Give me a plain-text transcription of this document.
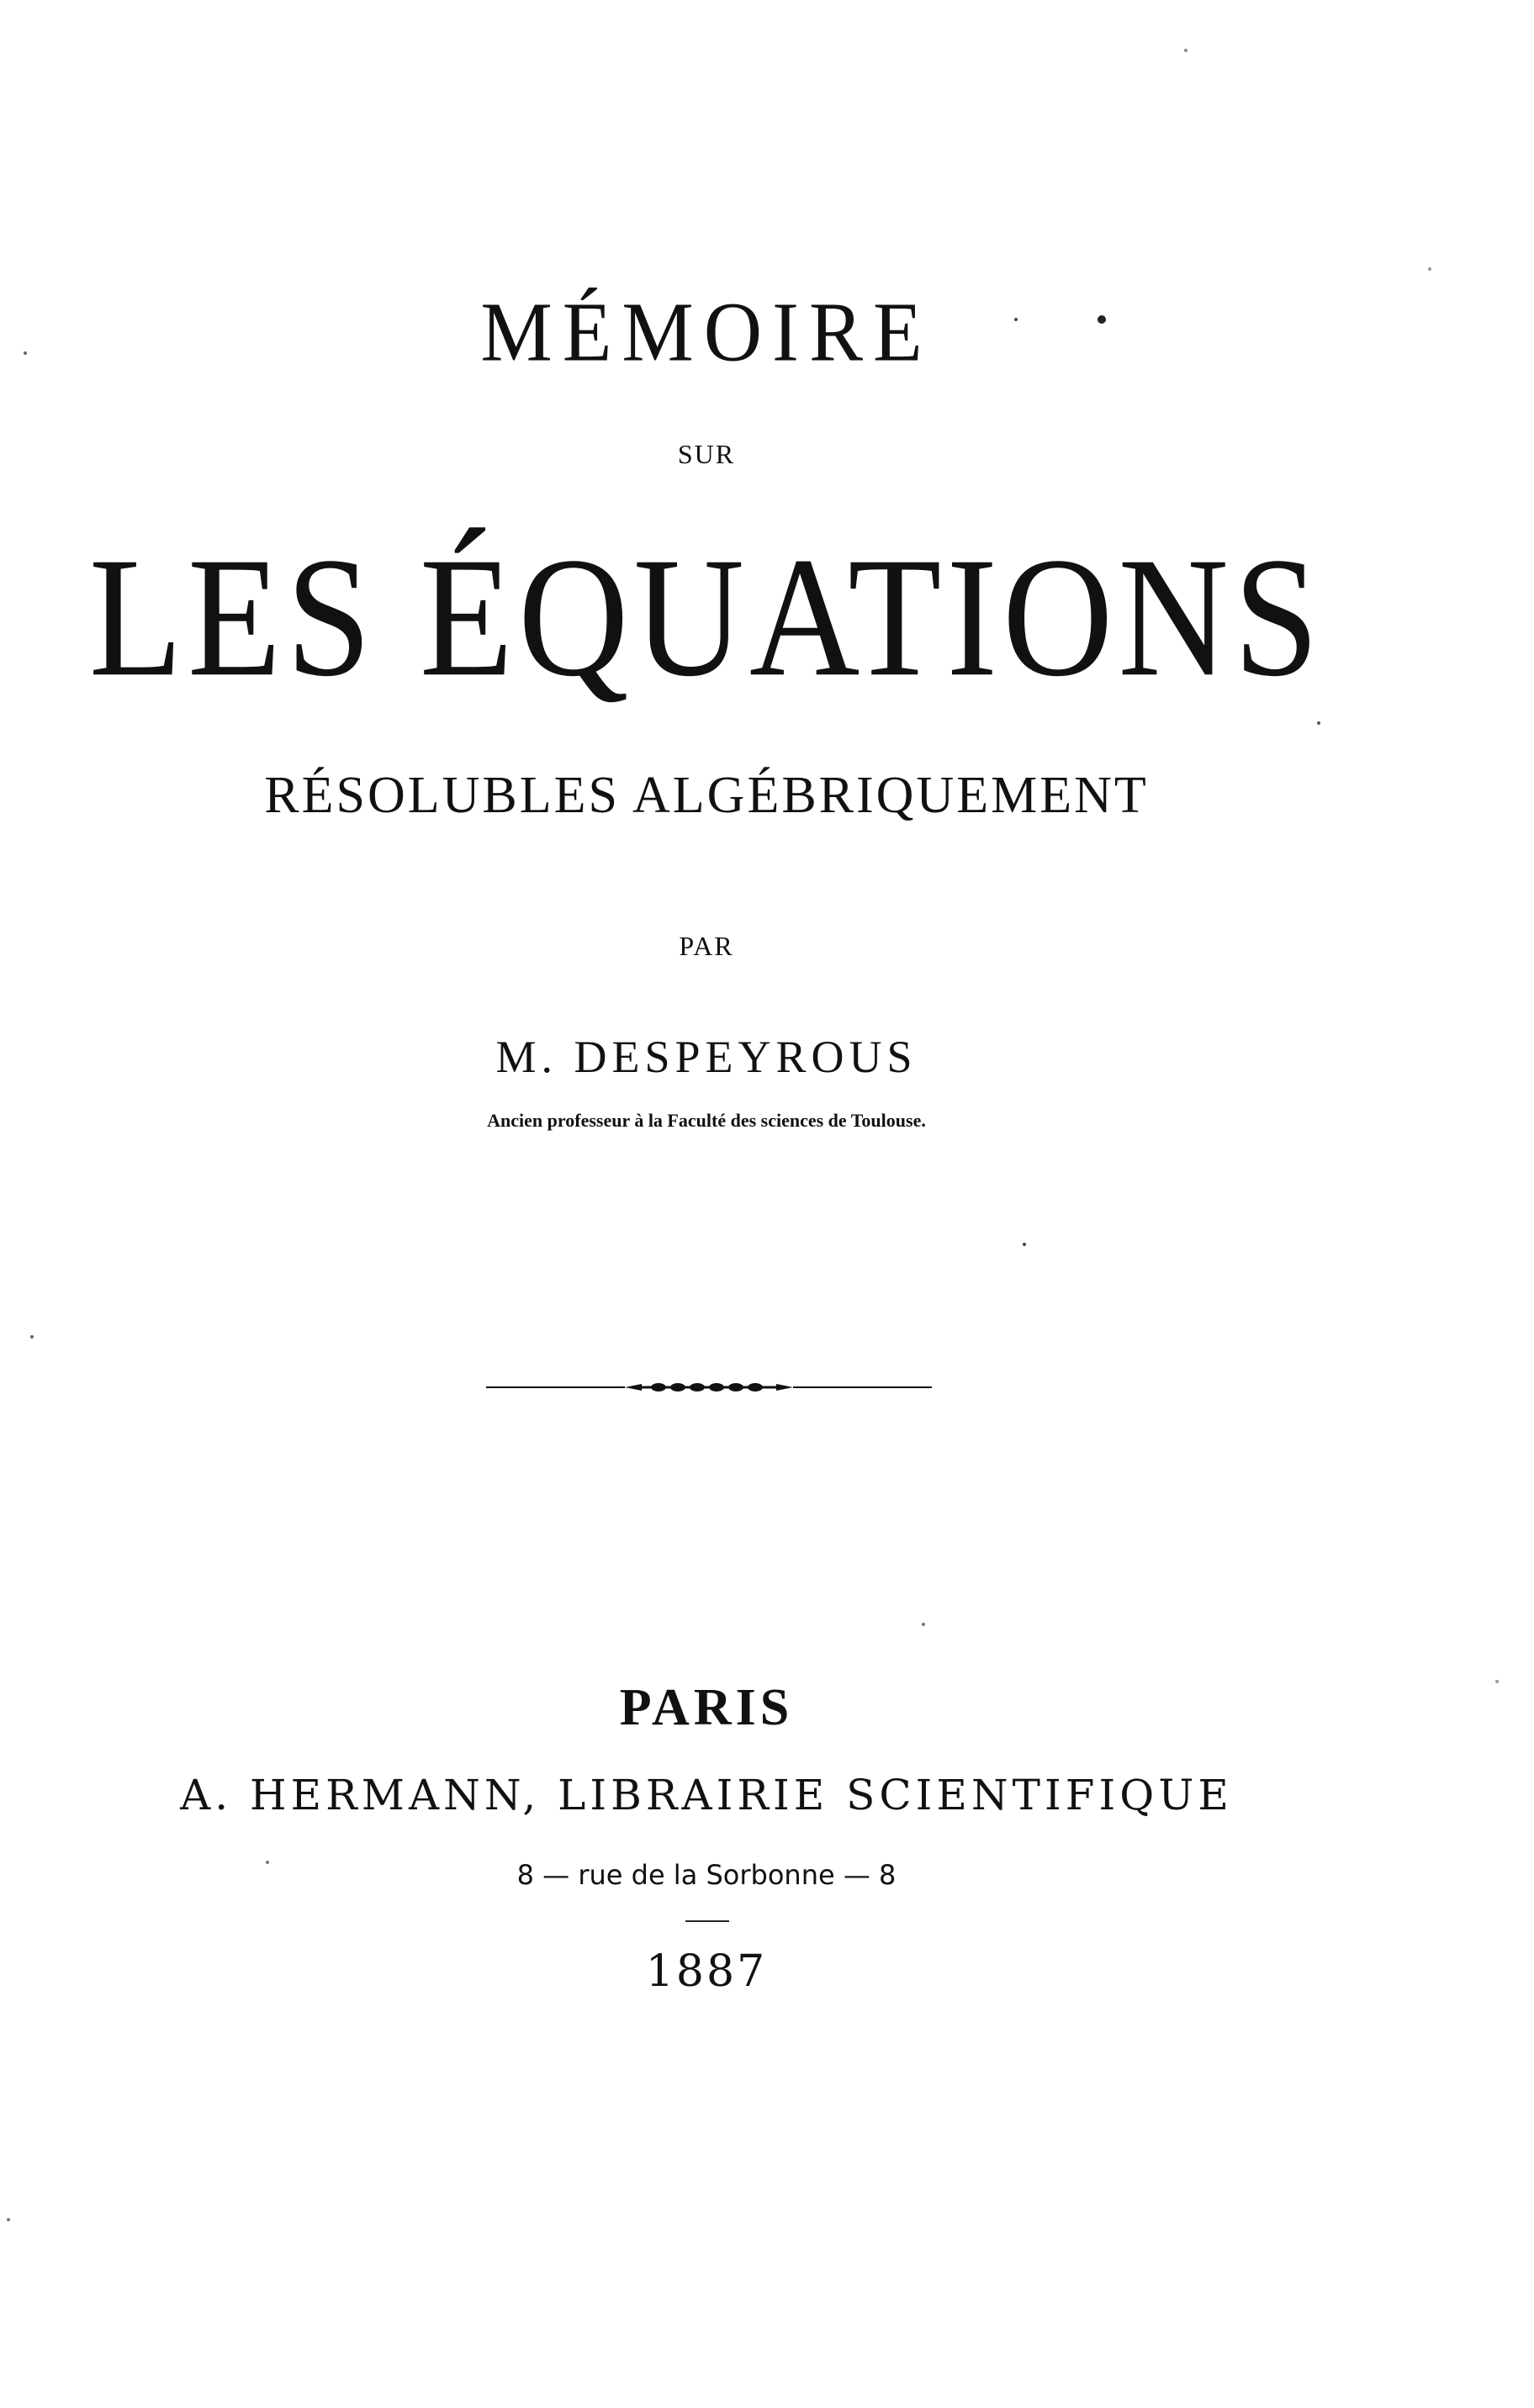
MÉMOIRE
SUR
LES ÉQUATIONS
RÉSOLUBLES ALGÉBRIQUEMENT
PAR
M. DESPEYROUS
Ancien professeur à la Faculté des sciences de Toulouse.
PARIS
A. HERMANN, LIBRAIRIE SCIENTIFIQUE
8 — rue de la Sorbonne — 8
1887
